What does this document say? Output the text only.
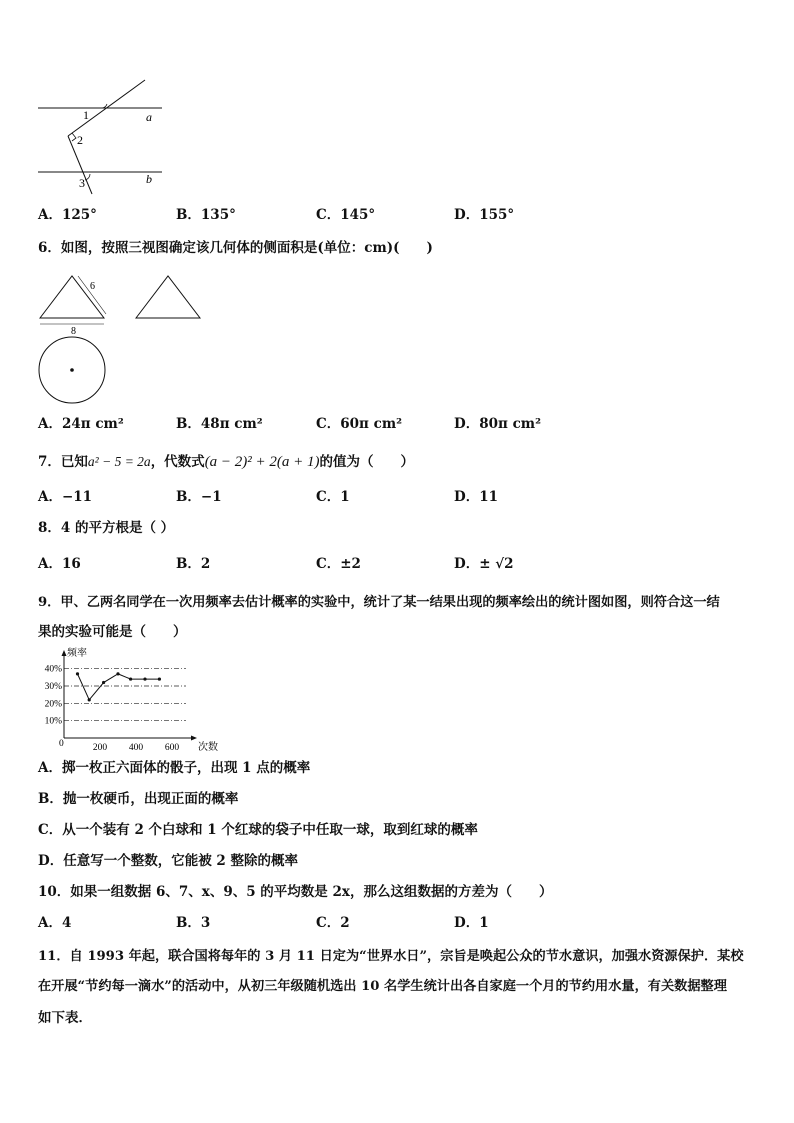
1
2
3
a
b
A．125°	B．135°	C．145°	D．155°
6．如图，按照三视图确定该几何体的侧面积是(单位：cm)(　　)
6
8
A．24π cm²	B．48π cm²	C．60π cm²	D．80π cm²
7．已知a² − 5 = 2a，代数式(a − 2)² + 2(a + 1)的值为（　　）
A．−11	B．−1	C．1	D．11
8．4 的平方根是（ ）
A．16	B．2	C．±2	D．± √2
9．甲、乙两名同学在一次用频率去估计概率的实验中，统计了某一结果出现的频率绘出的统计图如图，则符合这一结
果的实验可能是（　　）
10%
20%
30%
40%
200 400 600
0
频率
次数
A．掷一枚正六面体的骰子，出现 1 点的概率
B．抛一枚硬币，出现正面的概率
C．从一个装有 2 个白球和 1 个红球的袋子中任取一球，取到红球的概率
D．任意写一个整数，它能被 2 整除的概率
10．如果一组数据 6、7、x、9、5 的平均数是 2x，那么这组数据的方差为（　　）
A．4	B．3	C．2	D．1
11．自 1993 年起，联合国将每年的 3 月 11 日定为“世界水日”，宗旨是唤起公众的节水意识，加强水资源保护．某校
在开展“节约每一滴水”的活动中，从初三年级随机选出 10 名学生统计出各自家庭一个月的节约用水量，有关数据整理
如下表．
